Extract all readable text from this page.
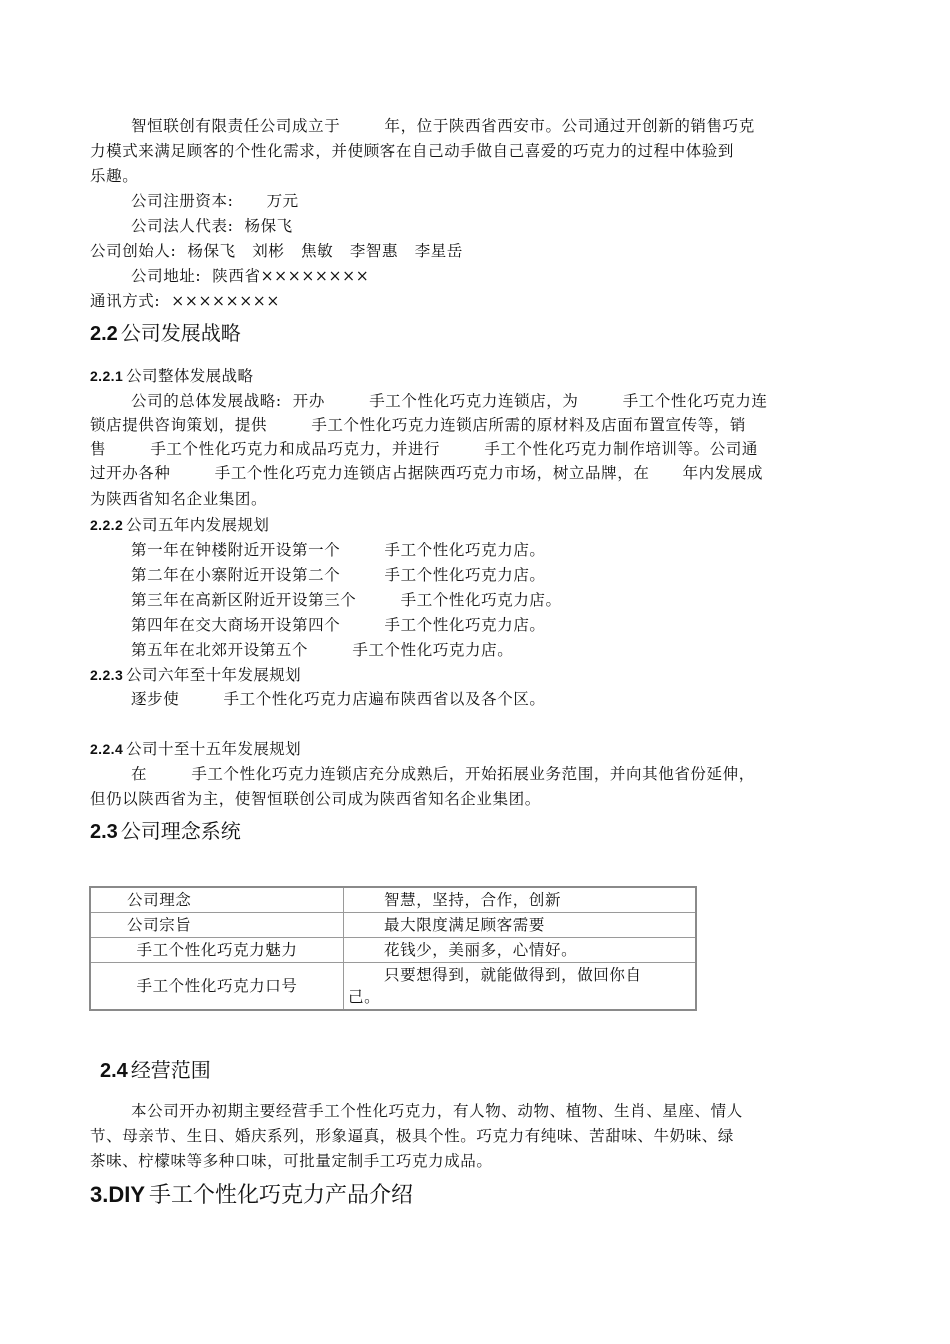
智恒联创有限责任公司成立于        年，位于陕西省西安市。公司通过开创新的销售巧克
力模式来满足顾客的个性化需求，并使顾客在自己动手做自己喜爱的巧克力的过程中体验到
乐趣。
公司注册资本:      万元
公司法人代表:  杨保飞
公司创始人:  杨保飞   刘彬   焦敏   李智惠   李星岳
公司地址:  陕西省××××××××
通讯方式:  ××××××××
2.2 公司发展战略
2.2.1 公司整体发展战略
公司的总体发展战略:  开办        手工个性化巧克力连锁店，为        手工个性化巧克力连
锁店提供咨询策划，提供        手工个性化巧克力连锁店所需的原材料及店面布置宣传等，销
售        手工个性化巧克力和成品巧克力，并进行        手工个性化巧克力制作培训等。公司通
过开办各种        手工个性化巧克力连锁店占据陕西巧克力市场，树立品牌，在      年内发展成
为陕西省知名企业集团。
2.2.2 公司五年内发展规划
第一年在钟楼附近开设第一个        手工个性化巧克力店。
第二年在小寨附近开设第二个        手工个性化巧克力店。
第三年在高新区附近开设第三个        手工个性化巧克力店。
第四年在交大商场开设第四个        手工个性化巧克力店。
第五年在北郊开设第五个        手工个性化巧克力店。
2.2.3 公司六年至十年发展规划
逐步使        手工个性化巧克力店遍布陕西省以及各个区。
2.2.4 公司十至十五年发展规划
在        手工个性化巧克力连锁店充分成熟后，开始拓展业务范围，并向其他省份延伸，
但仍以陕西省为主，使智恒联创公司成为陕西省知名企业集团。
2.3 公司理念系统
公司理念	智慧，坚持，合作，创新
公司宗旨	最大限度满足顾客需要
手工个性化巧克力魅力	花钱少，美丽多，心情好。
手工个性化巧克力口号	只要想得到，就能做得到，做回你自
己。
2.4 经营范围
本公司开办初期主要经营手工个性化巧克力，有人物、动物、植物、生肖、星座、情人
节、母亲节、生日、婚庆系列，形象逼真，极具个性。巧克力有纯味、苦甜味、牛奶味、绿
茶味、柠檬味等多种口味，可批量定制手工巧克力成品。
3.DIY 手工个性化巧克力产品介绍
